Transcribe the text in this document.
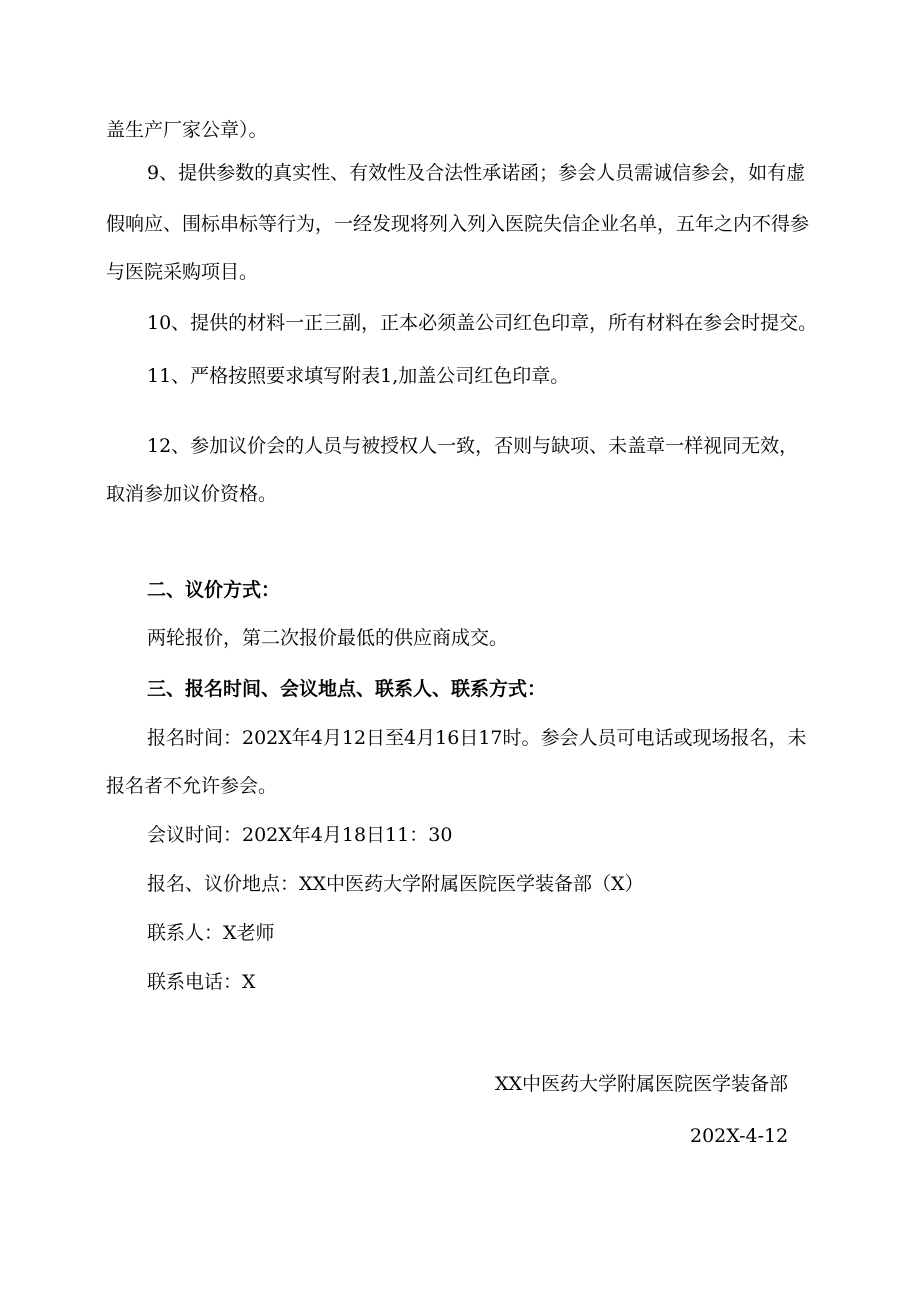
盖生产厂家公章）。
9、提供参数的真实性、有效性及合法性承诺函；参会人员需诚信参会，如有虚
假响应、围标串标等行为，一经发现将列入列入医院失信企业名单，五年之内不得参
与医院采购项目。
10、提供的材料一正三副，正本必须盖公司红色印章，所有材料在参会时提交。
11、严格按照要求填写附表1,加盖公司红色印章。
12、参加议价会的人员与被授权人一致，否则与缺项、未盖章一样视同无效，
取消参加议价资格。
二、议价方式：
两轮报价，第二次报价最低的供应商成交。
三、报名时间、会议地点、联系人、联系方式：
报名时间：202X年4月12日至4月16日17时。参会人员可电话或现场报名，未
报名者不允许参会。
会议时间：202X年4月18日11：30
报名、议价地点：XX中医药大学附属医院医学装备部（X）
联系人：X老师
联系电话：X
XX中医药大学附属医院医学装备部
202X-4-12
